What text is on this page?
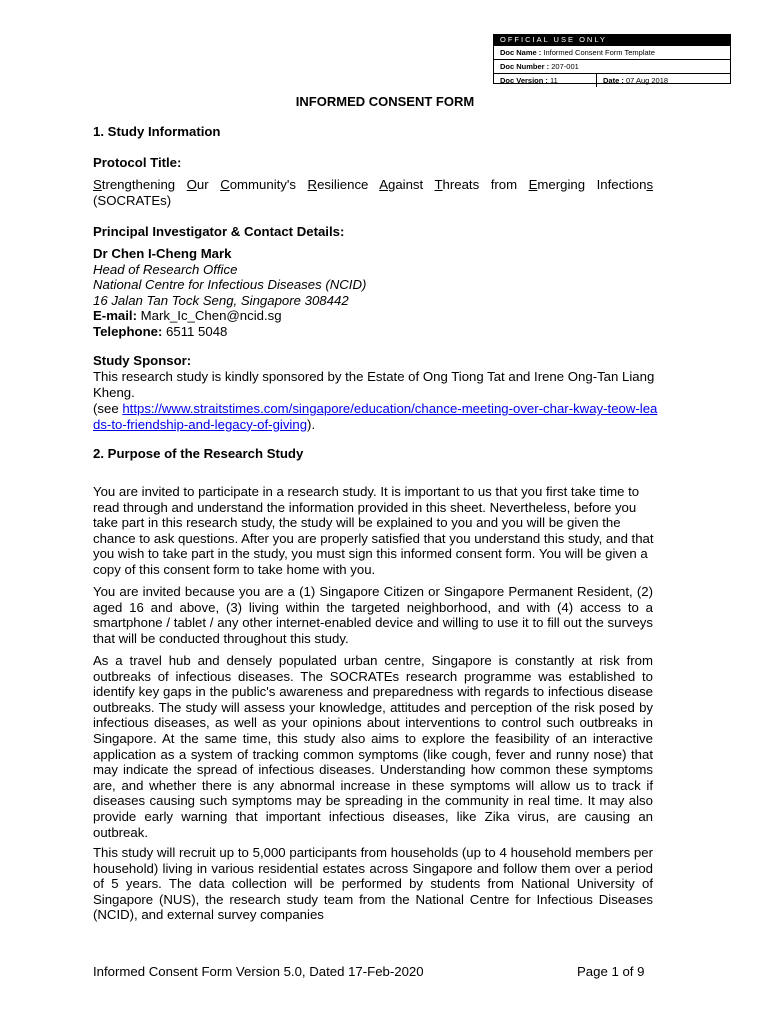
OFFICIAL USE ONLY
Doc Name : Informed Consent Form Template
Doc Number : 207-001
Doc Version : 11	Date : 07 Aug 2018
INFORMED CONSENT FORM
1. Study Information
Protocol Title:
Strengthening Our Community's Resilience Against Threats from Emerging Infections
(SOCRATEs)
Principal Investigator & Contact Details:
Dr Chen I-Cheng Mark
Head of Research Office
National Centre for Infectious Diseases (NCID)
16 Jalan Tan Tock Seng, Singapore 308442
E-mail: Mark_Ic_Chen@ncid.sg
Telephone: 6511 5048
Study Sponsor:
This research study is kindly sponsored by the Estate of Ong Tiong Tat and Irene Ong-Tan Liang Kheng.
(see https://www.straitstimes.com/singapore/education/chance-meeting-over-char-kway-teow-leads-to-friendship-and-legacy-of-giving).
2. Purpose of the Research Study
You are invited to participate in a research study. It is important to us that you first take time to read through and understand the information provided in this sheet. Nevertheless, before you take part in this research study, the study will be explained to you and you will be given the chance to ask questions. After you are properly satisfied that you understand this study, and that you wish to take part in the study, you must sign this informed consent form. You will be given a copy of this consent form to take home with you.
You are invited because you are a (1) Singapore Citizen or Singapore Permanent Resident, (2) aged 16 and above, (3) living within the targeted neighborhood, and with (4) access to a smartphone / tablet / any other internet-enabled device and willing to use it to fill out the surveys that will be conducted throughout this study.
As a travel hub and densely populated urban centre, Singapore is constantly at risk from outbreaks of infectious diseases. The SOCRATEs research programme was established to identify key gaps in the public's awareness and preparedness with regards to infectious disease outbreaks. The study will assess your knowledge, attitudes and perception of the risk posed by infectious diseases, as well as your opinions about interventions to control such outbreaks in Singapore. At the same time, this study also aims to explore the feasibility of an interactive application as a system of tracking common symptoms (like cough, fever and runny nose) that may indicate the spread of infectious diseases. Understanding how common these symptoms are, and whether there is any abnormal increase in these symptoms will allow us to track if diseases causing such symptoms may be spreading in the community in real time. It may also provide early warning that important infectious diseases, like Zika virus, are causing an outbreak.
This study will recruit up to 5,000 participants from households (up to 4 household members per household) living in various residential estates across Singapore and follow them over a period of 5 years. The data collection will be performed by students from National University of Singapore (NUS), the research study team from the National Centre for Infectious Diseases (NCID), and external survey companies
Informed Consent Form Version 5.0, Dated 17-Feb-2020	Page 1 of 9
